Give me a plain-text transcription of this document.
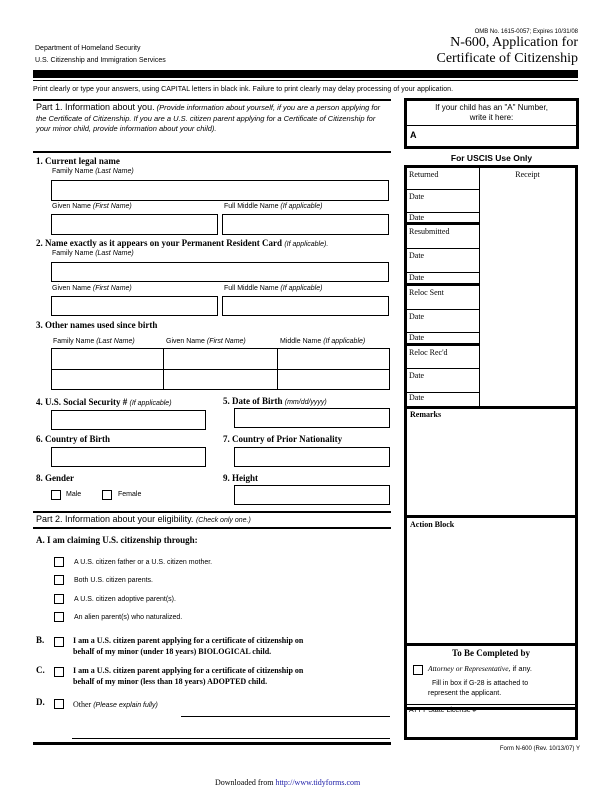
OMB No. 1615-0057; Expires 10/31/08
Department of Homeland Security
U.S. Citizenship and Immigration Services
N-600, Application for
Certificate of Citizenship
Print clearly or type your answers, using CAPITAL letters in black ink. Failure to print clearly may delay processing of your application.
Part 1. Information about you. (Provide information about yourself, if you are a person applying for the Certificate of Citizenship. If you are a U.S. citizen parent applying for a Certificate of Citizenship for your minor child, provide information about your child).
1. Current legal name
Family Name (Last Name)
Given Name (First Name)	Full Middle Name (If applicable)
2. Name exactly as it appears on your Permanent Resident Card (If applicable).
Family Name (Last Name)
Given Name (First Name)	Full Middle Name (If applicable)
3. Other names used since birth
Family Name (Last Name)	Given Name (First Name)	Middle Name (If applicable)
4. U.S. Social Security # (If applicable)	5. Date of Birth (mm/dd/yyyy)
6. Country of Birth	7. Country of Prior Nationality
8. Gender
Male	Female
9. Height
Part 2. Information about your eligibility. (Check only one.)
A. I am claiming U.S. citizenship through:
A U.S. citizen father or a U.S. citizen mother.
Both U.S. citizen parents.
A U.S. citizen adoptive parent(s).
An alien parent(s) who naturalized.
B.	I am a U.S. citizen parent applying for a certificate of citizenship on
behalf of my minor (under 18 years) BIOLOGICAL child.
C.	I am a U.S. citizen parent applying for a certificate of citizenship on
behalf of my minor (less than 18 years) ADOPTED child.
D.	Other (Please explain fully)
If your child has an "A" Number,
write it here:
A
For USCIS Use Only
Returned
Date
Date
Resubmitted
Date
Date
Reloc Sent
Date
Date
Reloc Rec'd
Date
Date
Receipt
Remarks
Action Block
To Be Completed by
Attorney or Representative, if any.
Fill in box if G-28 is attached to
represent the applicant.
ATTY State License #
Form N-600 (Rev. 10/13/07) Y
Downloaded from http://www.tidyforms.com
